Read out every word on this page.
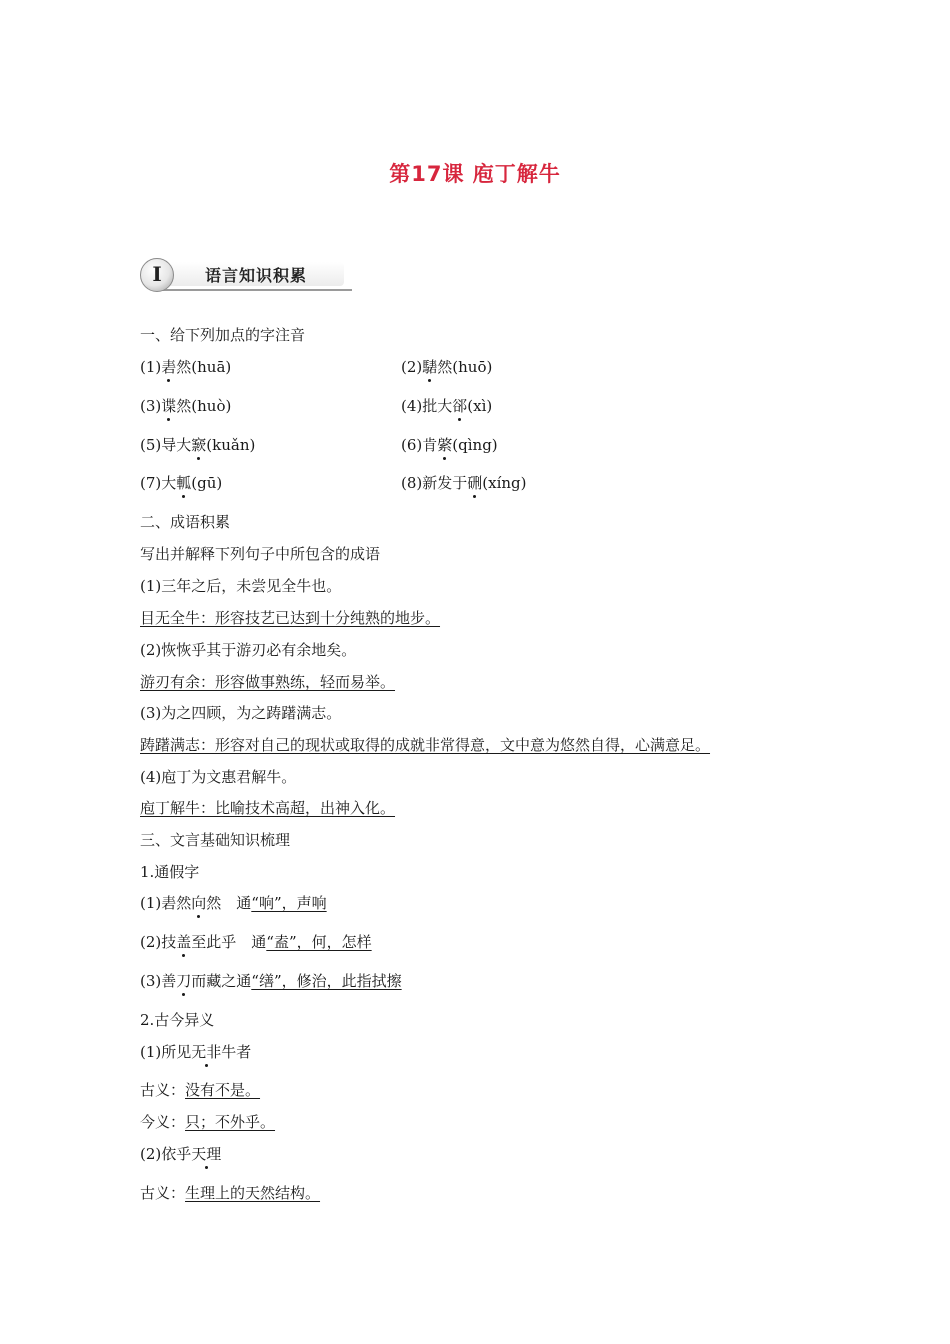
第17课 庖丁解牛
I	语言知识积累
一、给下列加点的字注音
(1)砉然(huā)	(2)騞然(huō)
(3)谍然(huò)	(4)批大郤(xì)
(5)导大窾(kuǎn)	(6)肯綮(qìng)
(7)大軱(gū)	(8)新发于硎(xíng)
二、成语积累
写出并解释下列句子中所包含的成语
(1)三年之后，未尝见全牛也。
目无全牛：形容技艺已达到十分纯熟的地步。
(2)恢恢乎其于游刃必有余地矣。
游刃有余：形容做事熟练，轻而易举。
(3)为之四顾，为之踌躇满志。
踌躇满志：形容对自己的现状或取得的成就非常得意，文中意为悠然自得，心满意足。
(4)庖丁为文惠君解牛。
庖丁解牛：比喻技术高超，出神入化。
三、文言基础知识梳理
1.通假字
(1)砉然向然　通“响”，声响
(2)技盖至此乎　通“盍”，何，怎样
(3)善刀而藏之通“缮”，修治，此指拭擦
2.古今异义
(1)所见无非牛者
古义：没有不是。
今义：只；不外乎。
(2)依乎天理
古义：生理上的天然结构。
